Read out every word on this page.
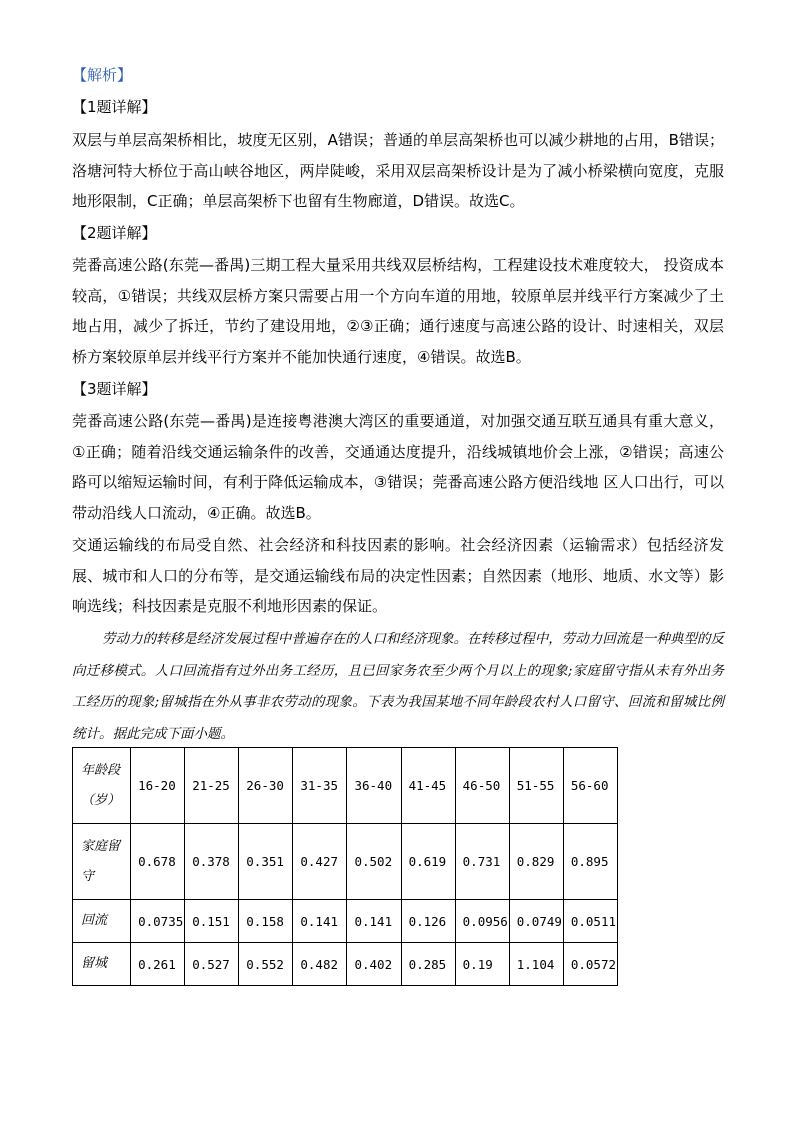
【解析】
【1题详解】

双层与单层高架桥相比，坡度无区别，A错误；普通的单层高架桥也可以减少耕地的占用，B错误；洛塘河特大桥位于高山峡谷地区，两岸陡峻，采用双层高架桥设计是为了减小桥梁横向宽度，克服地形限制，C正确；单层高架桥下也留有生物廊道，D错误。故选C。

【2题详解】

莞番高速公路(东莞—番禺)三期工程大量采用共线双层桥结构，工程建设技术难度较大， 投资成本较高，①错误；共线双层桥方案只需要占用一个方向车道的用地，较原单层并线平行方案减少了土地占用，减少了拆迁，节约了建设用地，②③正确；通行速度与高速公路的设计、时速相关，双层桥方案较原单层并线平行方案并不能加快通行速度，④错误。故选B。

【3题详解】

莞番高速公路(东莞—番禺)是连接粤港澳大湾区的重要通道，对加强交通互联互通具有重大意义，①正确；随着沿线交通运输条件的改善，交通通达度提升，沿线城镇地价会上涨，②错误；高速公路可以缩短运输时间，有利于降低运输成本，③错误；莞番高速公路方便沿线地 区人口出行，可以带动沿线人口流动，④正确。故选B。

交通运输线的布局受自然、社会经济和科技因素的影响。社会经济因素（运输需求）包括经济发展、城市和人口的分布等，是交通运输线布局的决定性因素；自然因素（地形、地质、水文等）影响选线；科技因素是克服不利地形因素的保证。

劳动力的转移是经济发展过程中普遍存在的人口和经济现象。在转移过程中，劳动力回流是一种典型的反向迁移模式。人口回流指有过外出务工经历，且已回家务农至少两个月以上的现象;家庭留守指从未有外出务工经历的现象;留城指在外从事非农劳动的现象。下表为我国某地不同年龄段农村人口留守、回流和留城比例统计。据此完成下面小题。

年龄段（岁）	16-20	21-25	26-30	31-35	36-40	41-45	46-50	51-55	56-60
家庭留守	0.678	0.378	0.351	0.427	0.502	0.619	0.731	0.829	0.895
回流	0.0735	0.151	0.158	0.141	0.141	0.126	0.0956	0.0749	0.0511
留城	0.261	0.527	0.552	0.482	0.402	0.285	0.19	1.104	0.0572
